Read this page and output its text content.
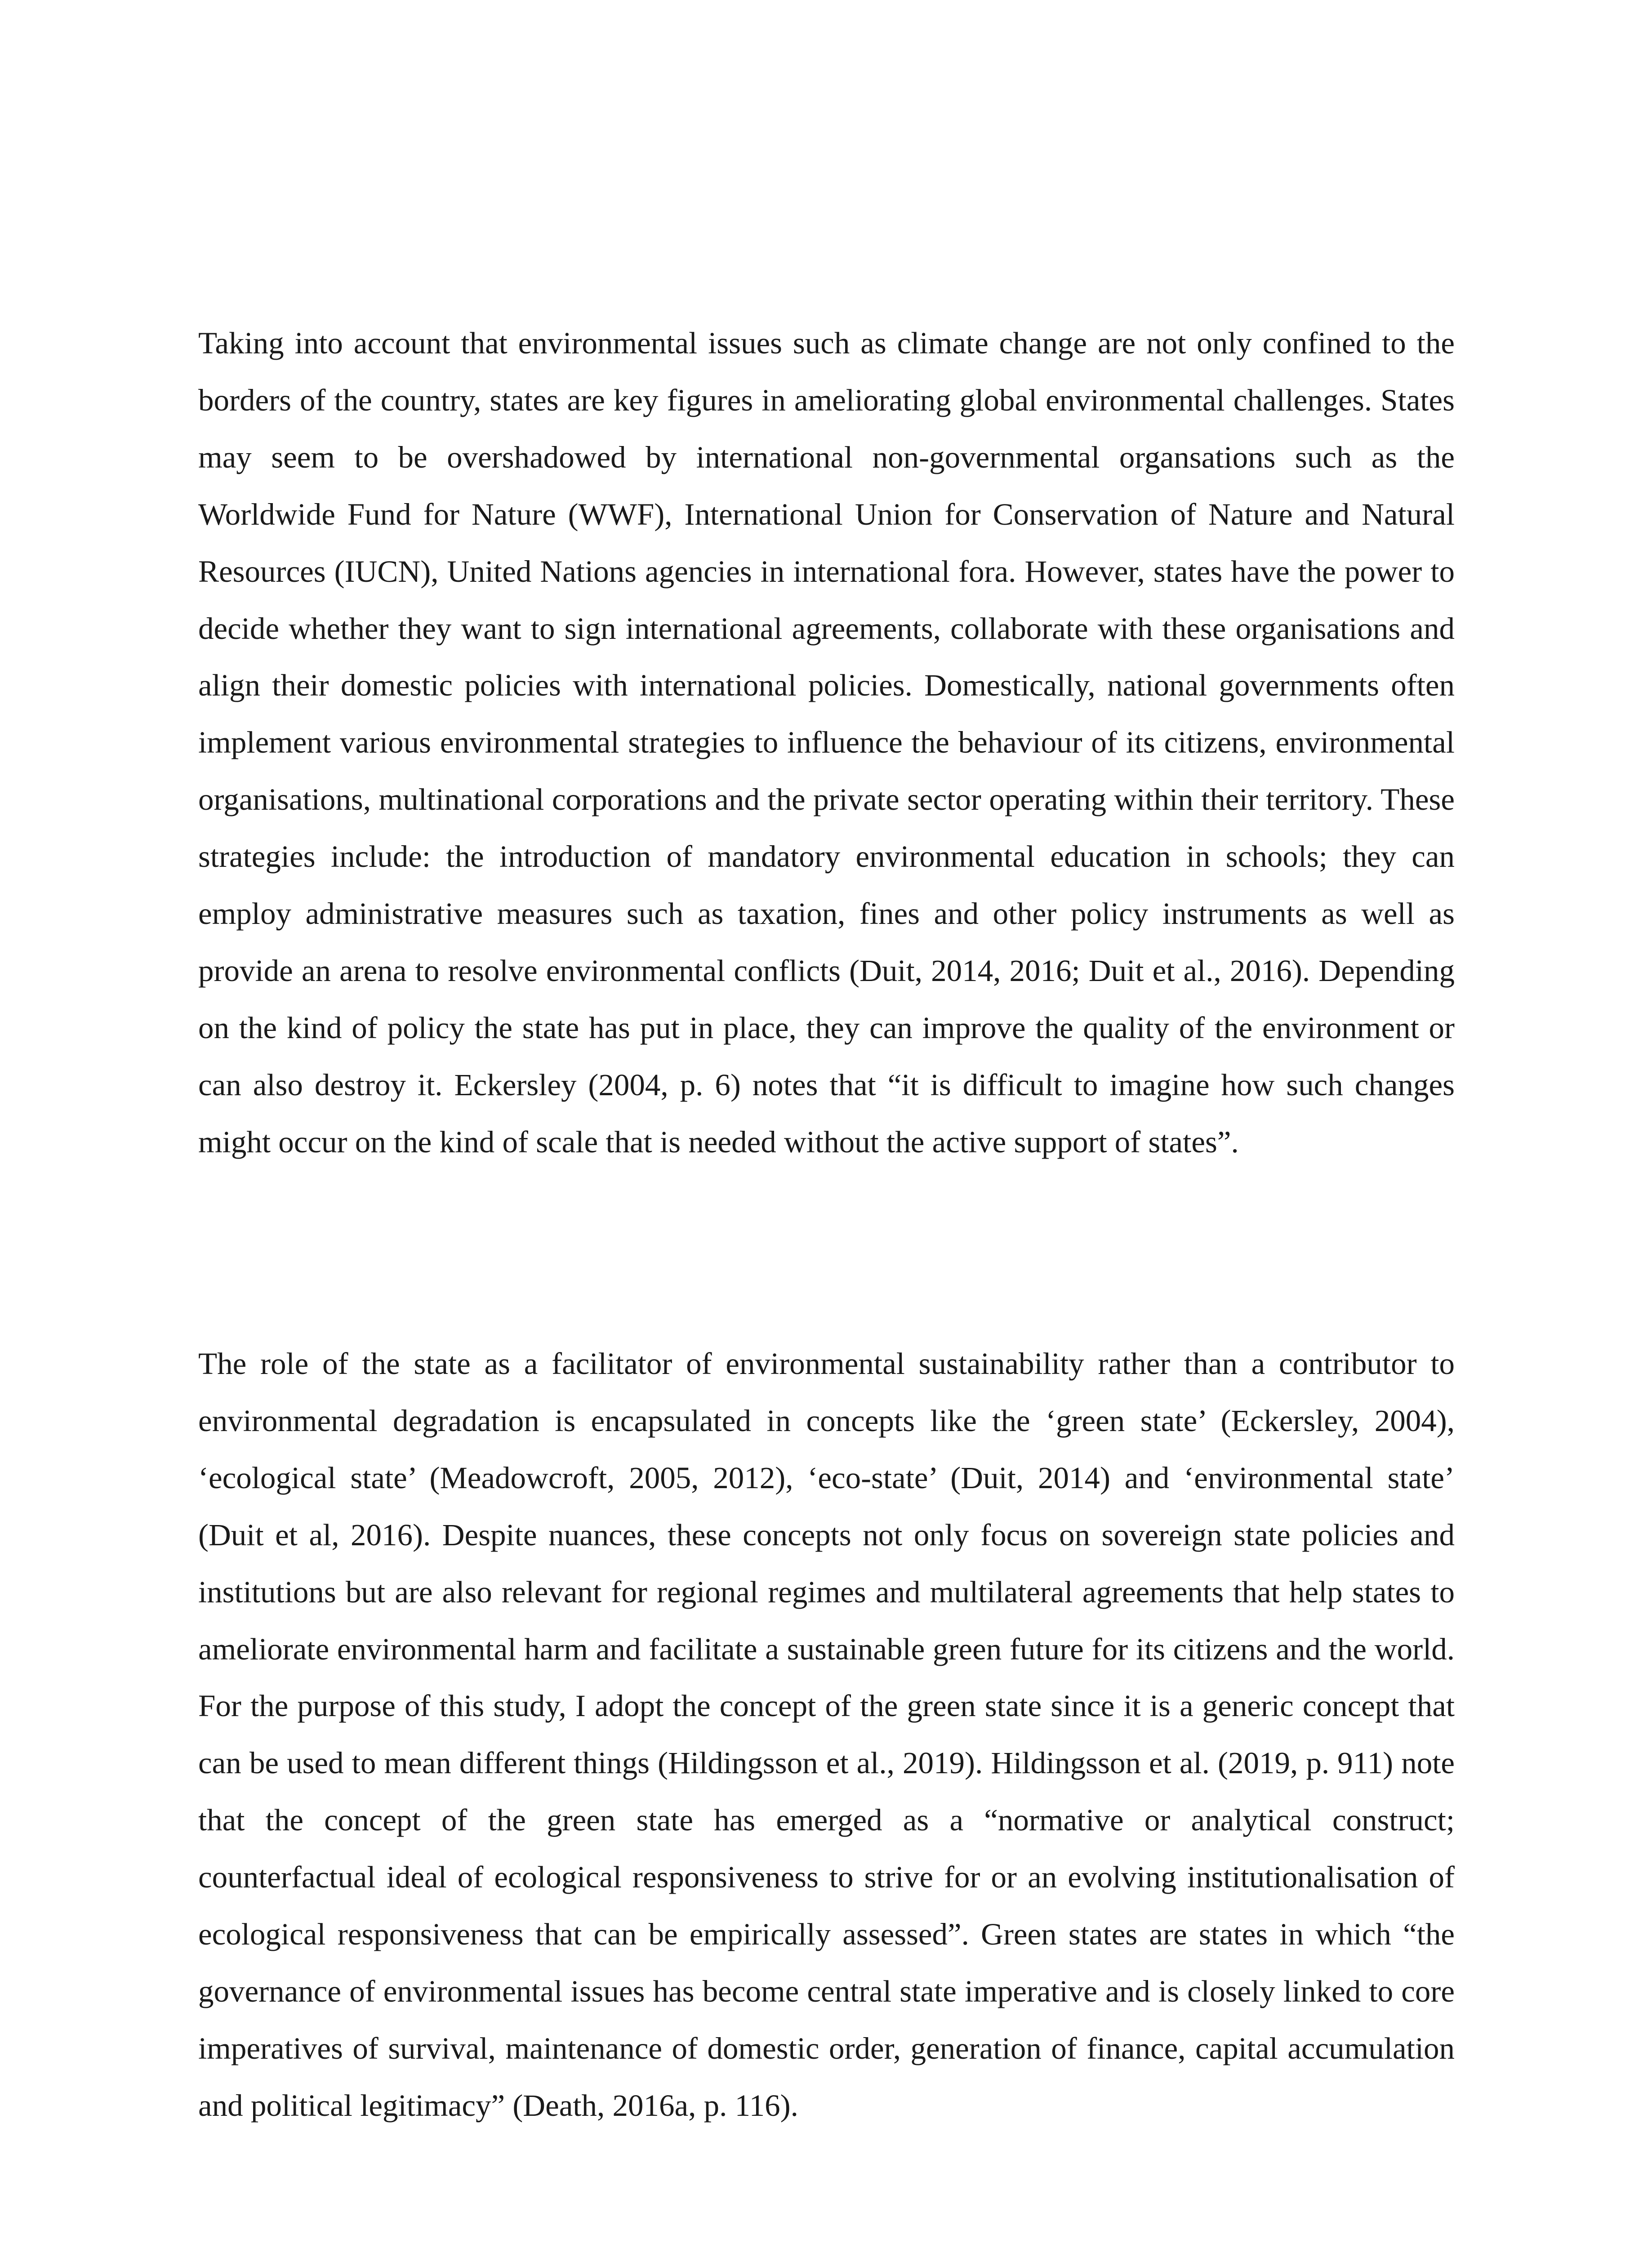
Taking into account that environmental issues such as climate change are not only confined to the borders of the country, states are key figures in ameliorating global environmental challenges. States may seem to be overshadowed by international non-governmental organsations such as the Worldwide Fund for Nature (WWF), International Union for Conservation of Nature and Natural Resources (IUCN), United Nations agencies in international fora. However, states have the power to decide whether they want to sign international agreements, collaborate with these organisations and align their domestic policies with international policies. Domestically, national governments often implement various environmental strategies to influence the behaviour of its citizens, environmental organisations, multinational corporations and the private sector operating within their territory. These strategies include: the introduction of mandatory environmental education in schools; they can employ administrative measures such as taxation, fines and other policy instruments as well as provide an arena to resolve environmental conflicts (Duit, 2014, 2016; Duit et al., 2016). Depending on the kind of policy the state has put in place, they can improve the quality of the environment or can also destroy it. Eckersley (2004, p. 6) notes that “it is difficult to imagine how such changes might occur on the kind of scale that is needed without the active support of states”.

The role of the state as a facilitator of environmental sustainability rather than a contributor to environmental degradation is encapsulated in concepts like the ‘green state’ (Eckersley, 2004), ‘ecological state’ (Meadowcroft, 2005, 2012), ‘eco-state’ (Duit, 2014) and ‘environmental state’ (Duit et al, 2016). Despite nuances, these concepts not only focus on sovereign state policies and institutions but are also relevant for regional regimes and multilateral agreements that help states to ameliorate environmental harm and facilitate a sustainable green future for its citizens and the world. For the purpose of this study, I adopt the concept of the green state since it is a generic concept that can be used to mean different things (Hildingsson et al., 2019). Hildingsson et al. (2019, p. 911) note that the concept of the green state has emerged as a “normative or analytical construct; counterfactual ideal of ecological responsiveness to strive for or an evolving institutionalisation of ecological responsiveness that can be empirically assessed”. Green states are states in which “the governance of environmental issues has become central state imperative and is closely linked to core imperatives of survival, maintenance of domestic order, generation of finance, capital accumulation and political legitimacy” (Death, 2016a, p. 116).
